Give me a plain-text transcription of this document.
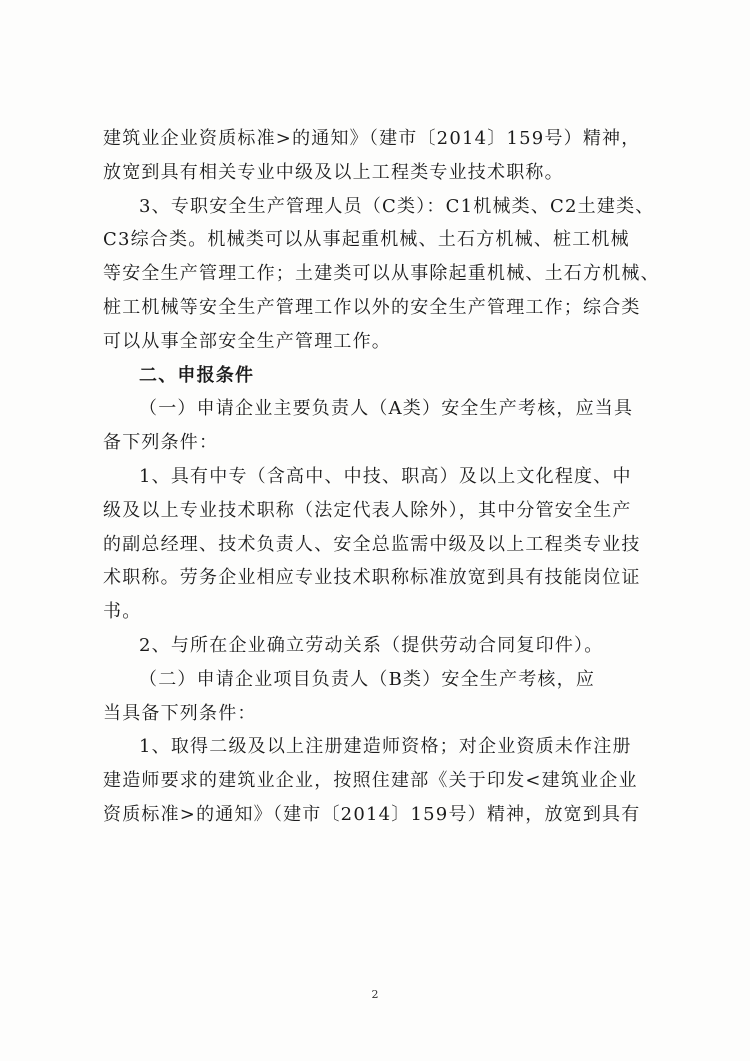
建筑业企业资质标准>的通知》（建市〔2014〕159号）精神，
放宽到具有相关专业中级及以上工程类专业技术职称。
3、专职安全生产管理人员（C类）：C1机械类、C2土建类、
C3综合类。机械类可以从事起重机械、土石方机械、桩工机械
等安全生产管理工作；土建类可以从事除起重机械、土石方机械、
桩工机械等安全生产管理工作以外的安全生产管理工作；综合类
可以从事全部安全生产管理工作。
二、申报条件
（一）申请企业主要负责人（A类）安全生产考核，应当具
备下列条件：
1、具有中专（含高中、中技、职高）及以上文化程度、中
级及以上专业技术职称（法定代表人除外），其中分管安全生产
的副总经理、技术负责人、安全总监需中级及以上工程类专业技
术职称。劳务企业相应专业技术职称标准放宽到具有技能岗位证
书。
2、与所在企业确立劳动关系（提供劳动合同复印件）。
（二）申请企业项目负责人（B类）安全生产考核，应
当具备下列条件：
1、取得二级及以上注册建造师资格；对企业资质未作注册
建造师要求的建筑业企业，按照住建部《关于印发<建筑业企业
资质标准>的通知》（建市〔2014〕159号）精神，放宽到具有
2
